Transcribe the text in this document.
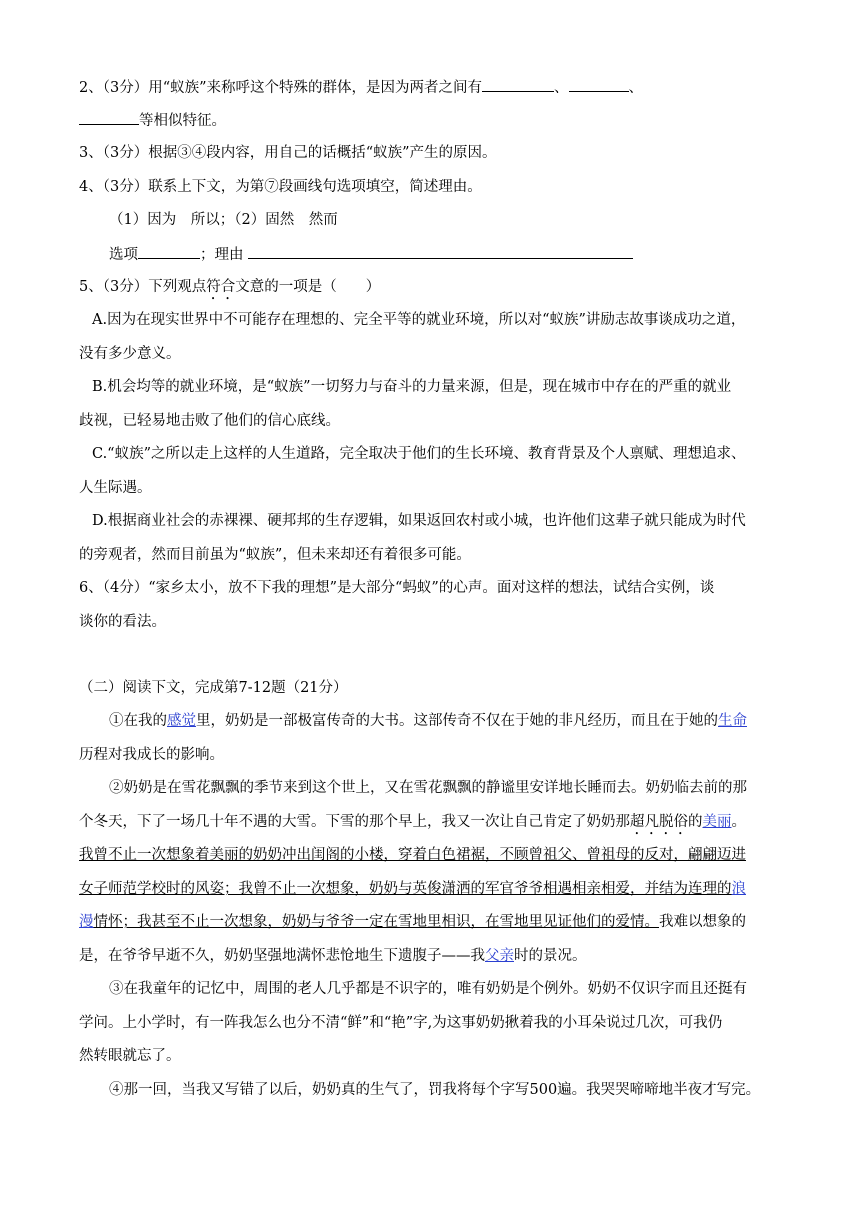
2、（3分）用“蚁族”来称呼这个特殊的群体，是因为两者之间有	、	、
等相似特征。
3、（3分）根据③④段内容，用自己的话概括“蚁族”产生的原因。
4、（3分）联系上下文，为第⑦段画线句选项填空，简述理由。
（1）因为　所以；（2）固然　然而
选项	；理由
5、（3分）下列观点符合文意的一项是（　　）
A.因为在现实世界中不可能存在理想的、完全平等的就业环境，所以对“蚁族”讲励志故事谈成功之道，
没有多少意义。
B.机会均等的就业环境，是“蚁族”一切努力与奋斗的力量来源，但是，现在城市中存在的严重的就业
歧视，已轻易地击败了他们的信心底线。
C.“蚁族”之所以走上这样的人生道路，完全取决于他们的生长环境、教育背景及个人禀赋、理想追求、
人生际遇。
D.根据商业社会的赤裸裸、硬邦邦的生存逻辑，如果返回农村或小城，也许他们这辈子就只能成为时代
的旁观者，然而目前虽为“蚁族”，但未来却还有着很多可能。
6、（4分）“家乡太小，放不下我的理想”是大部分“蚂蚁”的心声。面对这样的想法，试结合实例，谈
谈你的看法。
（二）阅读下文，完成第7-12题（21分）
①在我的感觉里，奶奶是一部极富传奇的大书。这部传奇不仅在于她的非凡经历，而且在于她的生命
历程对我成长的影响。
②奶奶是在雪花飘飘的季节来到这个世上，又在雪花飘飘的静谧里安详地长睡而去。奶奶临去前的那
个冬天，下了一场几十年不遇的大雪。下雪的那个早上，我又一次让自己肯定了奶奶那超凡脱俗的美丽。
我曾不止一次想象着美丽的奶奶冲出闺阁的小楼，穿着白色裙裾，不顾曾祖父、曾祖母的反对，翩翩迈进
女子师范学校时的风姿；我曾不止一次想象，奶奶与英俊潇洒的军官爷爷相遇相亲相爱，并结为连理的浪
漫情怀；我甚至不止一次想象，奶奶与爷爷一定在雪地里相识，在雪地里见证他们的爱情。我难以想象的
是，在爷爷早逝不久，奶奶坚强地满怀悲怆地生下遗腹子——我父亲时的景况。
③在我童年的记忆中，周围的老人几乎都是不识字的，唯有奶奶是个例外。奶奶不仅识字而且还挺有
学问。上小学时，有一阵我怎么也分不清“鲜”和“艳”字,为这事奶奶揪着我的小耳朵说过几次，可我仍
然转眼就忘了。
④那一回，当我又写错了以后，奶奶真的生气了，罚我将每个字写500遍。我哭哭啼啼地半夜才写完。
